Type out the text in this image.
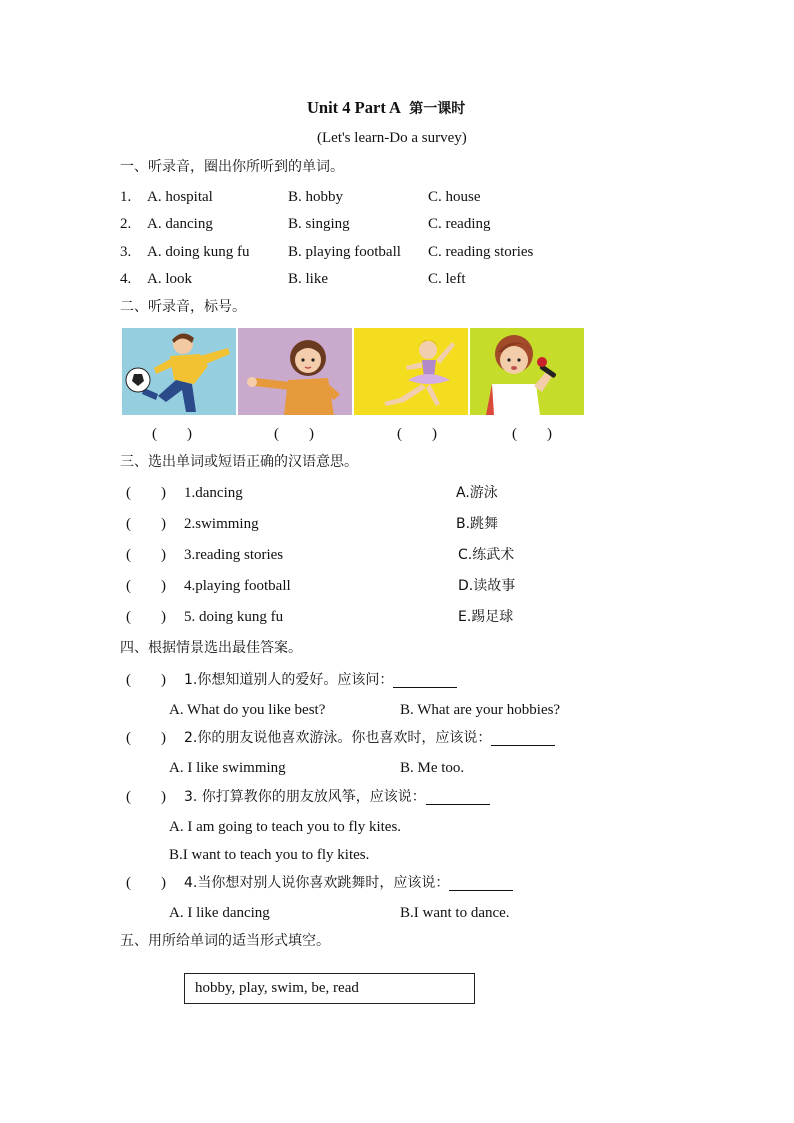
Unit 4 Part A 第一课时
(Let's learn-Do a survey)
一、听录音，圈出你所听到的单词。
1. A. hospital	B. hobby	C. house
2. A. dancing	B. singing	C. reading
3. A. doing kung fu	B. playing football C. reading stories
4. A. look	B. like	C. left
二、听录音，标号。
(　　)	(　　)	(　　)	(　　)
三、选出单词或短语正确的汉语意思。
(　　) 1.dancing	A.游泳
(　　) 2.swimming	B.跳舞
(　　) 3.reading stories	C.练武术
(　　) 4.playing football	D.读故事
(　　) 5. doing kung fu	E.踢足球
四、根据情景选出最佳答案。
(　　) 1.你想知道别人的爱好。应该问：
A. What do you like best?	B. What are your hobbies?
(　　) 2.你的朋友说他喜欢游泳。你也喜欢时，应该说：
A. I like swimming	B. Me too.
(　　) 3. 你打算教你的朋友放风筝，应该说：
A. I am going to teach you to fly kites.
B.I want to teach you to fly kites.
(　　) 4.当你想对别人说你喜欢跳舞时，应该说：
A. I like dancing	B.I want to dance.
五、用所给单词的适当形式填空。
hobby, play, swim, be, read
